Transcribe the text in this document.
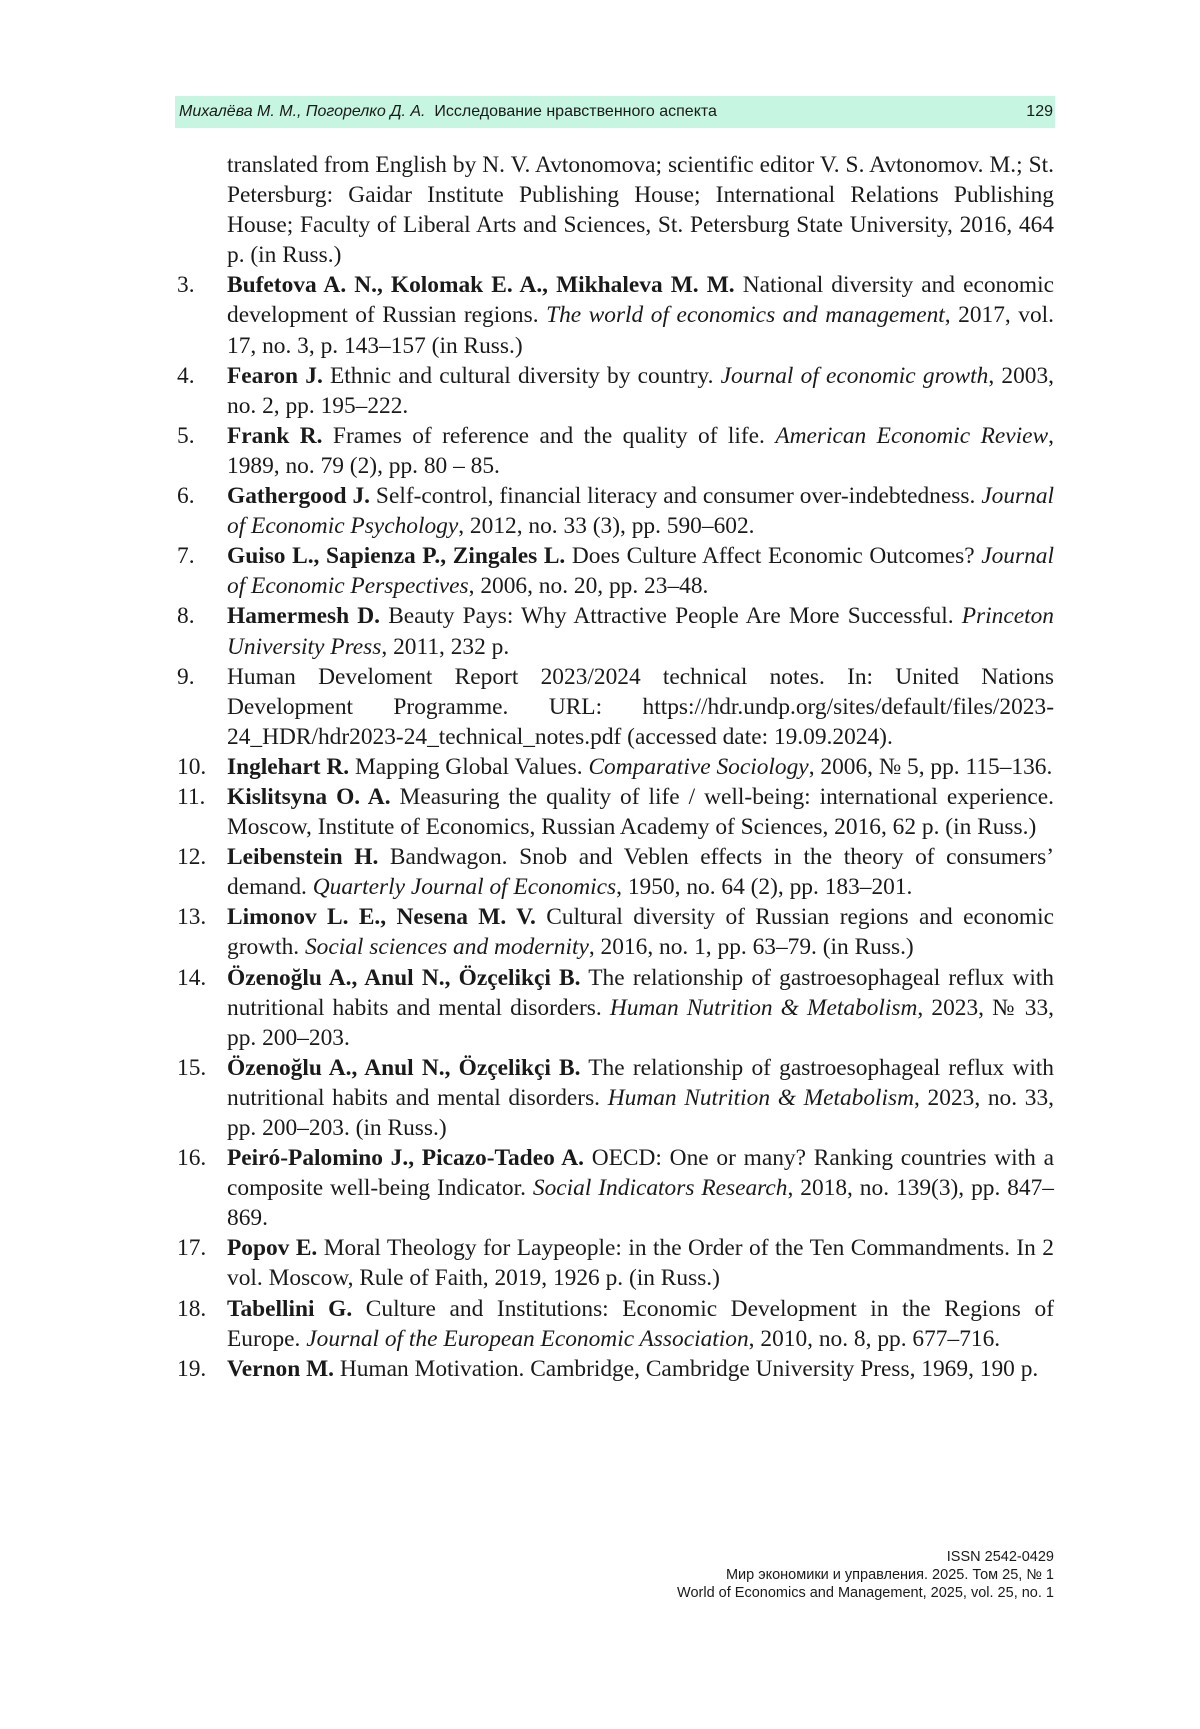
Михалёва М. М., Погорелко Д. А. Исследование нравственного аспекта	129
translated from English by N. V. Avtonomova; scientific editor V. S. Avtonomov. M.; St. Petersburg: Gaidar Institute Publishing House; International Relations Publishing House; Faculty of Liberal Arts and Sciences, St. Petersburg State University, 2016, 464 p. (in Russ.)
3. Bufetova A. N., Kolomak E. A., Mikhaleva M. M. National diversity and economic development of Russian regions. The world of economics and management, 2017, vol. 17, no. 3, p. 143–157 (in Russ.)
4. Fearon J. Ethnic and cultural diversity by country. Journal of economic growth, 2003, no. 2, pp. 195–222.
5. Frank R. Frames of reference and the quality of life. American Economic Review, 1989, no. 79 (2), pp. 80 – 85.
6. Gathergood J. Self-control, financial literacy and consumer over-indebtedness. Journal of Economic Psychology, 2012, no. 33 (3), pp. 590–602.
7. Guiso L., Sapienza P., Zingales L. Does Culture Affect Economic Outcomes? Journal of Economic Perspectives, 2006, no. 20, pp. 23–48.
8. Hamermesh D. Beauty Pays: Why Attractive People Are More Successful. Princeton University Press, 2011, 232 p.
9. Human Develoment Report 2023/2024 technical notes. In: United Nations Development Programme. URL: https://hdr.undp.org/sites/default/files/2023-24_HDR/hdr2023-24_technical_notes.pdf (accessed date: 19.09.2024).
10. Inglehart R. Mapping Global Values. Comparative Sociology, 2006, № 5, pp. 115–136.
11. Kislitsyna O. A. Measuring the quality of life / well-being: international experience. Moscow, Institute of Economics, Russian Academy of Sciences, 2016, 62 p. (in Russ.)
12. Leibenstein H. Bandwagon. Snob and Veblen effects in the theory of consumers’ demand. Quarterly Journal of Economics, 1950, no. 64 (2), pp. 183–201.
13. Limonov L. E., Nesena M. V. Cultural diversity of Russian regions and economic growth. Social sciences and modernity, 2016, no. 1, pp. 63–79. (in Russ.)
14. Özenoğlu A., Anul N., Özçelikçi B. The relationship of gastroesophageal reflux with nutritional habits and mental disorders. Human Nutrition & Metabolism, 2023, № 33, pp. 200–203.
15. Özenoğlu A., Anul N., Özçelikçi B. The relationship of gastroesophageal reflux with nutritional habits and mental disorders. Human Nutrition & Metabolism, 2023, no. 33, pp. 200–203. (in Russ.)
16. Peiró-Palomino J., Picazo-Tadeo A. OECD: One or many? Ranking countries with a composite well-being Indicator. Social Indicators Research, 2018, no. 139(3), pp. 847–869.
17. Popov E. Moral Theology for Laypeople: in the Order of the Ten Commandments. In 2 vol. Moscow, Rule of Faith, 2019, 1926 p. (in Russ.)
18. Tabellini G. Culture and Institutions: Economic Development in the Regions of Europe. Journal of the European Economic Association, 2010, no. 8, pp. 677–716.
19. Vernon M. Human Motivation. Cambridge, Cambridge University Press, 1969, 190 p.
ISSN 2542-0429
Мир экономики и управления. 2025. Том 25, № 1
World of Economics and Management, 2025, vol. 25, no. 1
